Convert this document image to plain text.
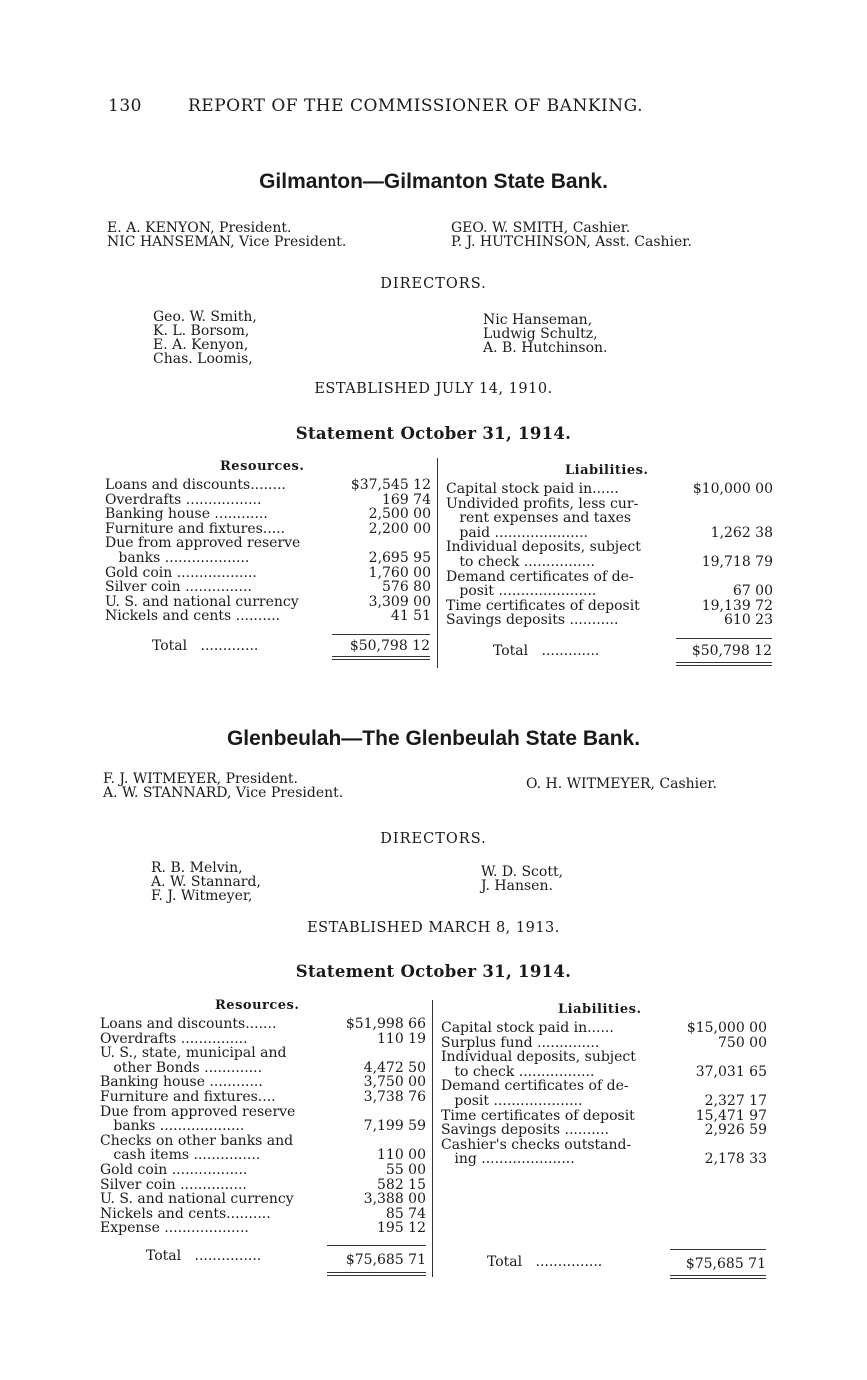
130	REPORT OF THE COMMISSIONER OF BANKING.
Gilmanton—Gilmanton State Bank.
E. A. KENYON, President.
NIC HANSEMAN, Vice President.
GEO. W. SMITH, Cashier.
P. J. HUTCHINSON, Asst. Cashier.
DIRECTORS.
Geo. W. Smith,
K. L. Borsom,
E. A. Kenyon,
Chas. Loomis,
Nic Hanseman,
Ludwig Schultz,
A. B. Hutchinson.
ESTABLISHED JULY 14, 1910.
Statement October 31, 1914.
Resources.	Liabilities.
Loans and discounts........	$37,545 12
Overdrafts .................	169 74
Banking house ............	2,500 00
Furniture and fixtures.....	2,200 00
Due from approved reserve
banks ...................	2,695 95
Gold coin ..................	1,760 00
Silver coin ...............	576 80
U. S. and national currency	3,309 00
Nickels and cents ..........	41 51
Capital stock paid in......	$10,000 00
Undivided profits, less cur-
rent expenses and taxes
paid .....................	1,262 38
Individual deposits, subject
to check ................	19,718 79
Demand certificates of de-
posit ......................	67 00
Time certificates of deposit	19,139 72
Savings deposits ...........	610 23
Total .............	$50,798 12	Total .............	$50,798 12
Glenbeulah—The Glenbeulah State Bank.
F. J. WITMEYER, President.
A. W. STANNARD, Vice President.
O. H. WITMEYER, Cashier.
DIRECTORS.
R. B. Melvin,
A. W. Stannard,
F. J. Witmeyer,
W. D. Scott,
J. Hansen.
ESTABLISHED MARCH 8, 1913.
Statement October 31, 1914.
Resources.	Liabilities.
Loans and discounts.......	$51,998 66
Overdrafts ...............	110 19
U. S., state, municipal and
other Bonds .............	4,472 50
Banking house ............	3,750 00
Furniture and fixtures....	3,738 76
Due from approved reserve
banks ...................	7,199 59
Checks on other banks and
cash items ...............	110 00
Gold coin .................	55 00
Silver coin ...............	582 15
U. S. and national currency	3,388 00
Nickels and cents..........	85 74
Expense ...................	195 12
Capital stock paid in......	$15,000 00
Surplus fund ..............	750 00
Individual deposits, subject
to check .................	37,031 65
Demand certificates of de-
posit ....................	2,327 17
Time certificates of deposit	15,471 97
Savings deposits ..........	2,926 59
Cashier's checks outstand-
ing .....................	2,178 33
Total ...............	$75,685 71	Total ...............	$75,685 71
